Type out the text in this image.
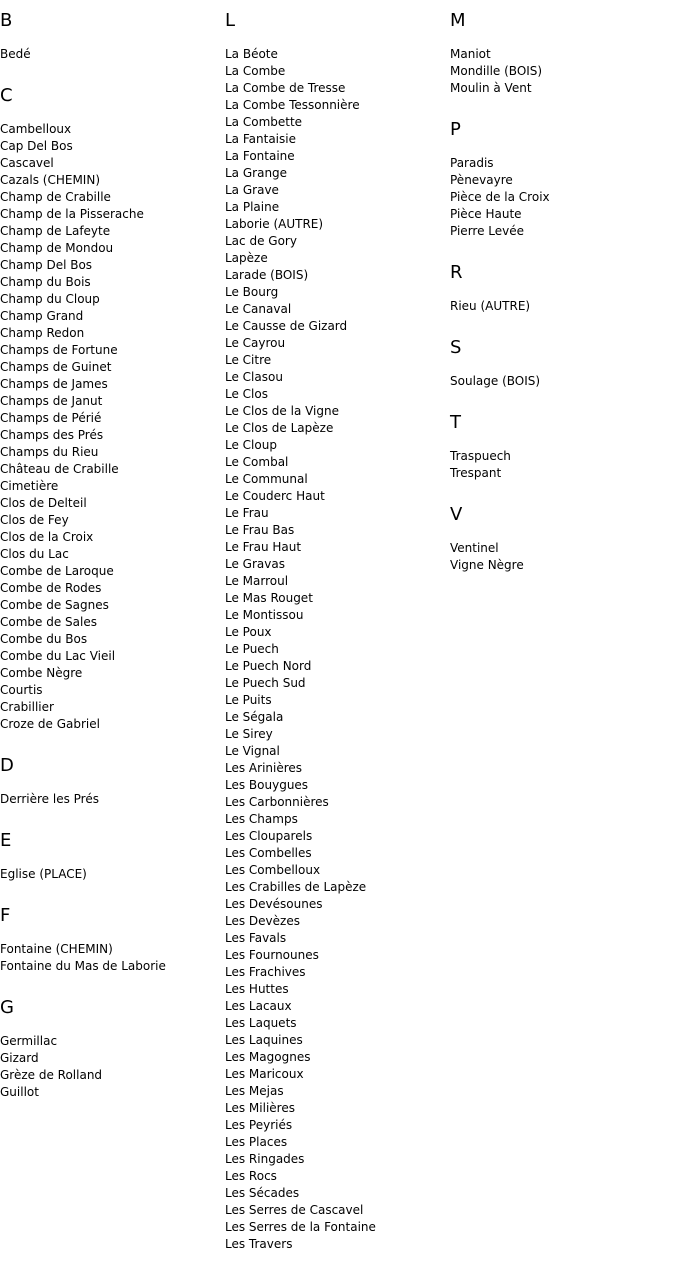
B
Bedé
C
Cambelloux
Cap Del Bos
Cascavel
Cazals (CHEMIN)
Champ de Crabille
Champ de la Pisserache
Champ de Lafeyte
Champ de Mondou
Champ Del Bos
Champ du Bois
Champ du Cloup
Champ Grand
Champ Redon
Champs de Fortune
Champs de Guinet
Champs de James
Champs de Janut
Champs de Périé
Champs des Prés
Champs du Rieu
Château de Crabille
Cimetière
Clos de Delteil
Clos de Fey
Clos de la Croix
Clos du Lac
Combe de Laroque
Combe de Rodes
Combe de Sagnes
Combe de Sales
Combe du Bos
Combe du Lac Vieil
Combe Nègre
Courtis
Crabillier
Croze de Gabriel
D
Derrière les Prés
E
Eglise (PLACE)
F
Fontaine (CHEMIN)
Fontaine du Mas de Laborie
G
Germillac
Gizard
Grèze de Rolland
Guillot
L
La Béote
La Combe
La Combe de Tresse
La Combe Tessonnière
La Combette
La Fantaisie
La Fontaine
La Grange
La Grave
La Plaine
Laborie (AUTRE)
Lac de Gory
Lapèze
Larade (BOIS)
Le Bourg
Le Canaval
Le Causse de Gizard
Le Cayrou
Le Citre
Le Clasou
Le Clos
Le Clos de la Vigne
Le Clos de Lapèze
Le Cloup
Le Combal
Le Communal
Le Couderc Haut
Le Frau
Le Frau Bas
Le Frau Haut
Le Gravas
Le Marroul
Le Mas Rouget
Le Montissou
Le Poux
Le Puech
Le Puech Nord
Le Puech Sud
Le Puits
Le Ségala
Le Sirey
Le Vignal
Les Arinières
Les Bouygues
Les Carbonnières
Les Champs
Les Clouparels
Les Combelles
Les Combelloux
Les Crabilles de Lapèze
Les Devésounes
Les Devèzes
Les Favals
Les Fournounes
Les Frachives
Les Huttes
Les Lacaux
Les Laquets
Les Laquines
Les Magognes
Les Maricoux
Les Mejas
Les Milières
Les Peyriés
Les Places
Les Ringades
Les Rocs
Les Sécades
Les Serres de Cascavel
Les Serres de la Fontaine
Les Travers
M
Maniot
Mondille (BOIS)
Moulin à Vent
P
Paradis
Pènevayre
Pièce de la Croix
Pièce Haute
Pierre Levée
R
Rieu (AUTRE)
S
Soulage (BOIS)
T
Traspuech
Trespant
V
Ventinel
Vigne Nègre
